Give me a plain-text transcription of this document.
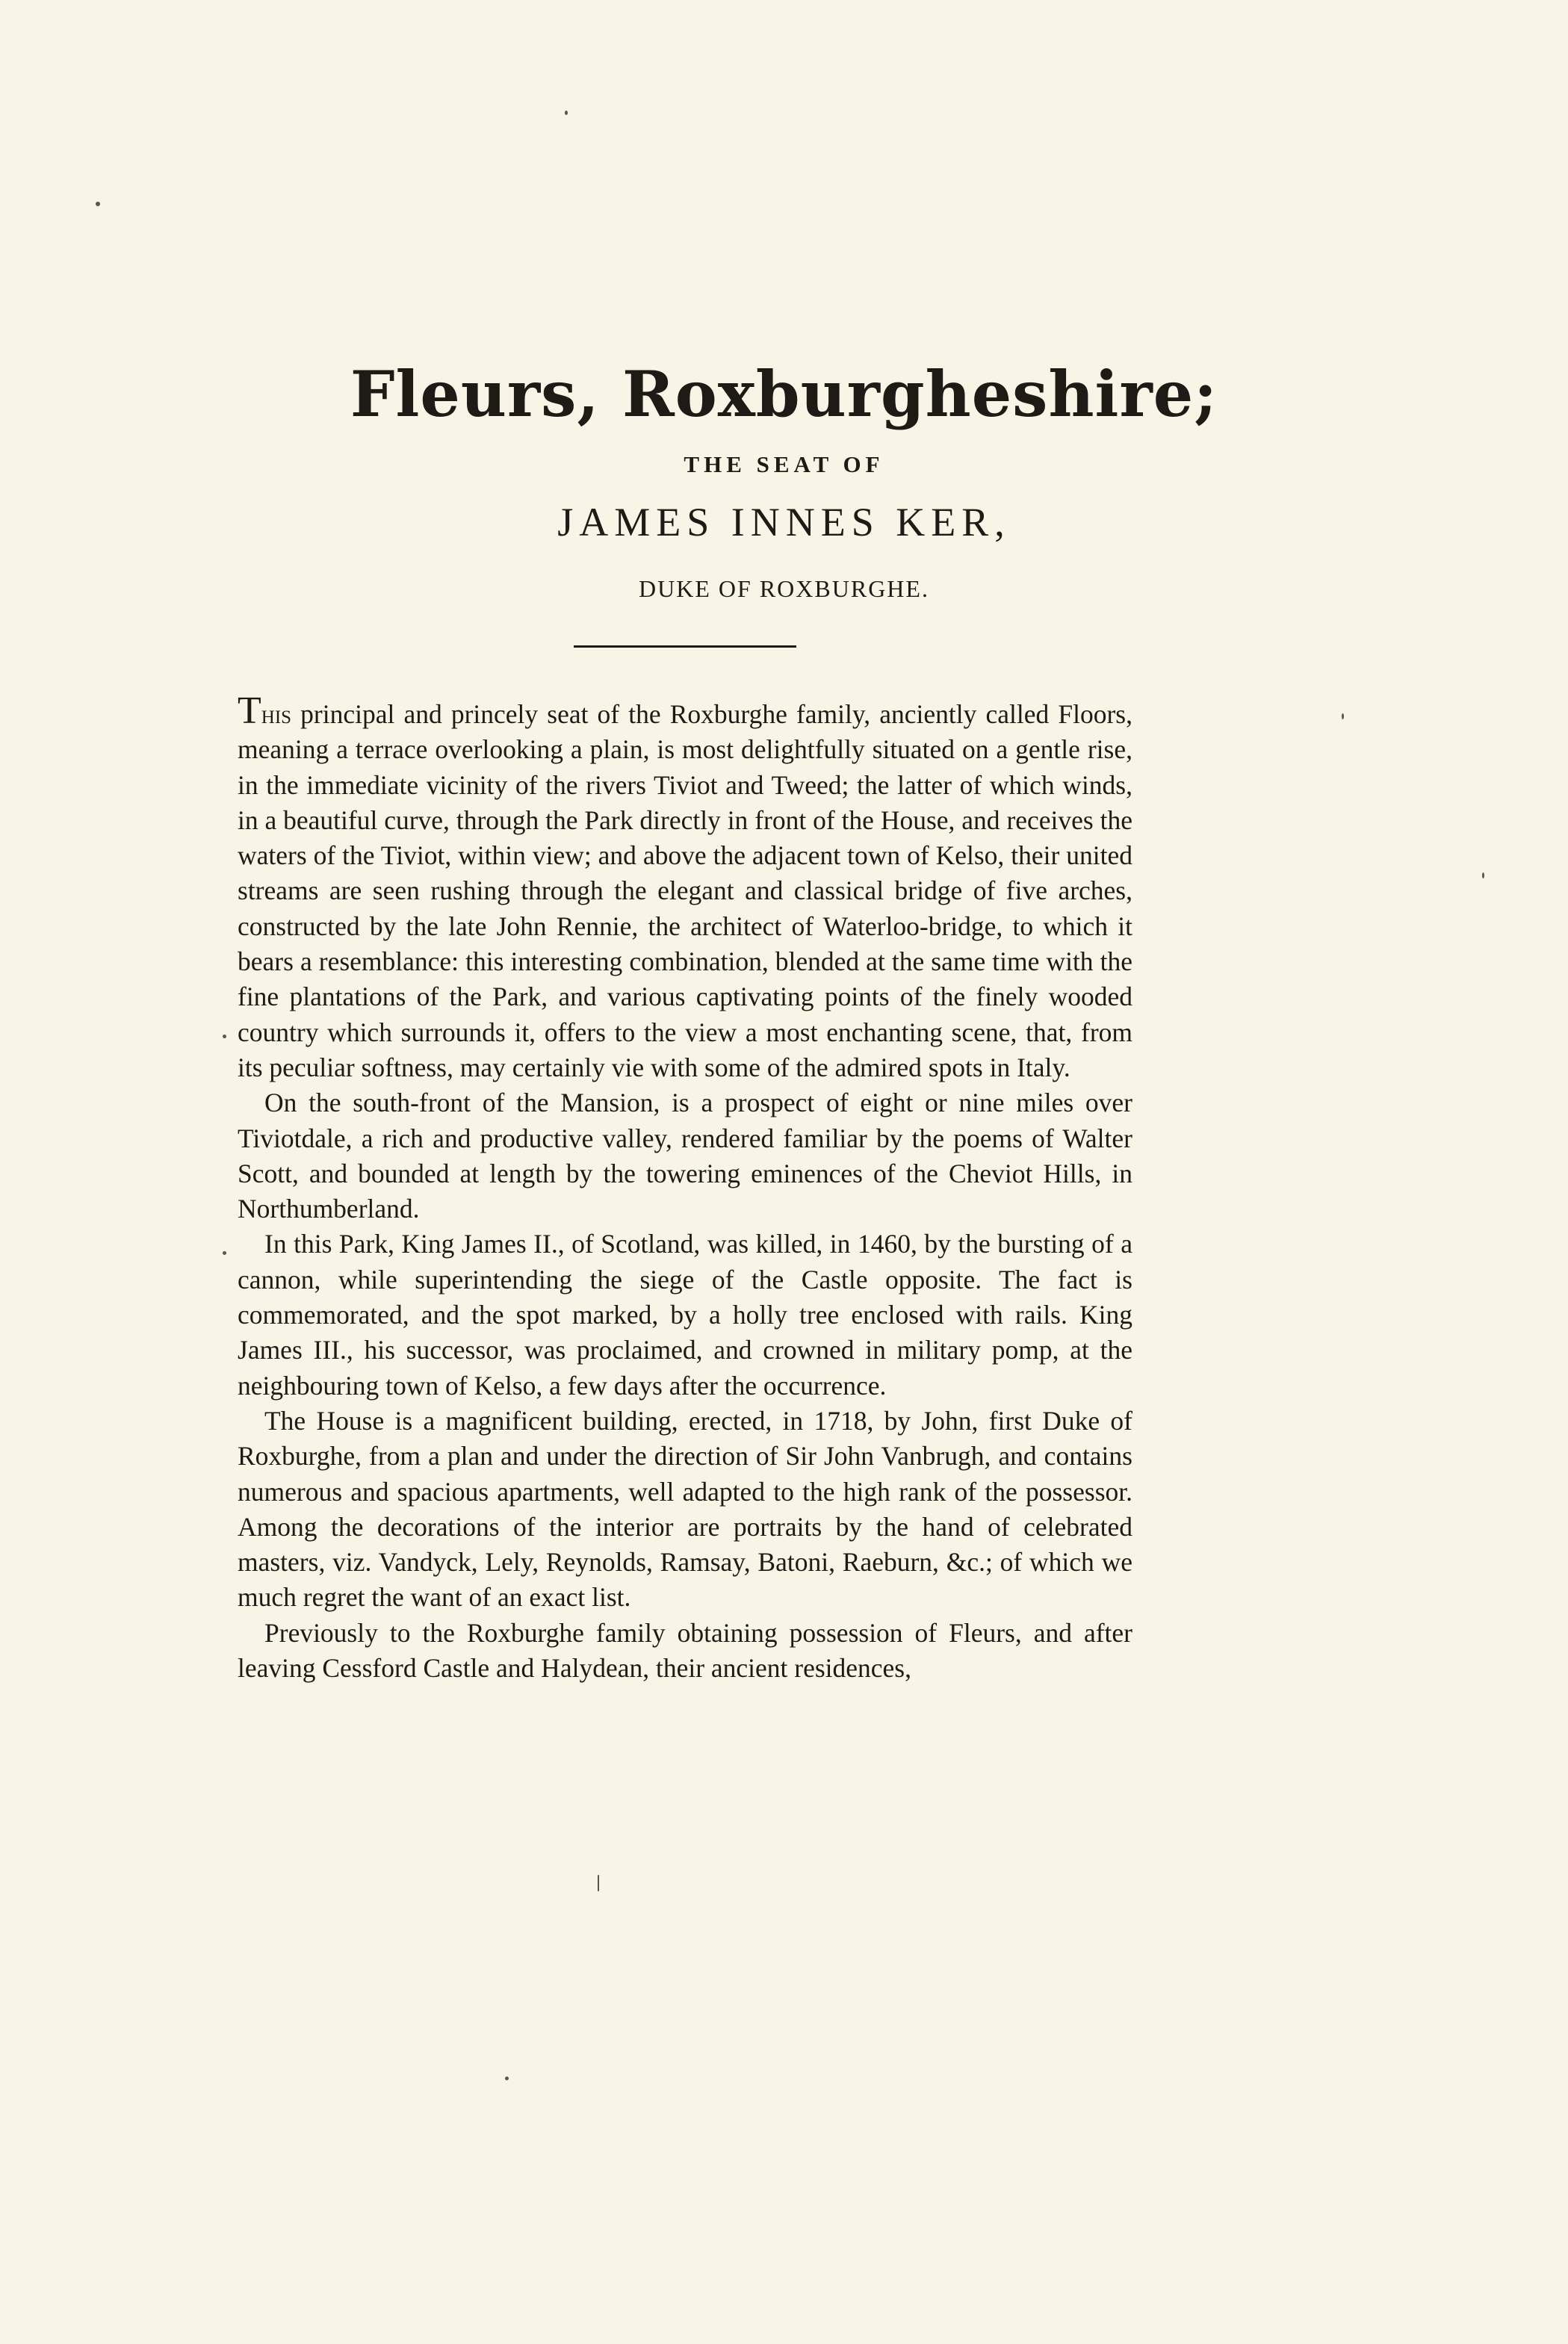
Fleurs, Roxburgheshire;
THE SEAT OF
JAMES INNES KER,
DUKE OF ROXBURGHE.

This principal and princely seat of the Roxburghe family, anciently called Floors, meaning a terrace overlooking a plain, is most delightfully situated on a gentle rise, in the immediate vicinity of the rivers Tiviot and Tweed; the latter of which winds, in a beautiful curve, through the Park directly in front of the House, and receives the waters of the Tiviot, within view; and above the adjacent town of Kelso, their united streams are seen rushing through the elegant and classical bridge of five arches, constructed by the late John Rennie, the architect of Waterloo-bridge, to which it bears a resemblance: this interesting combination, blended at the same time with the fine plantations of the Park, and various captivating points of the finely wooded country which surrounds it, offers to the view a most enchanting scene, that, from its peculiar softness, may certainly vie with some of the admired spots in Italy.

On the south-front of the Mansion, is a prospect of eight or nine miles over Tiviotdale, a rich and productive valley, rendered familiar by the poems of Walter Scott, and bounded at length by the towering eminences of the Cheviot Hills, in Northumberland.

In this Park, King James II., of Scotland, was killed, in 1460, by the bursting of a cannon, while superintending the siege of the Castle opposite. The fact is commemorated, and the spot marked, by a holly tree enclosed with rails. King James III., his successor, was proclaimed, and crowned in military pomp, at the neighbouring town of Kelso, a few days after the occurrence.

The House is a magnificent building, erected, in 1718, by John, first Duke of Roxburghe, from a plan and under the direction of Sir John Vanbrugh, and contains numerous and spacious apartments, well adapted to the high rank of the possessor. Among the decorations of the interior are portraits by the hand of celebrated masters, viz. Vandyck, Lely, Reynolds, Ramsay, Batoni, Raeburn, &c.; of which we much regret the want of an exact list.

Previously to the Roxburghe family obtaining possession of Fleurs, and after leaving Cessford Castle and Halydean, their ancient residences,
